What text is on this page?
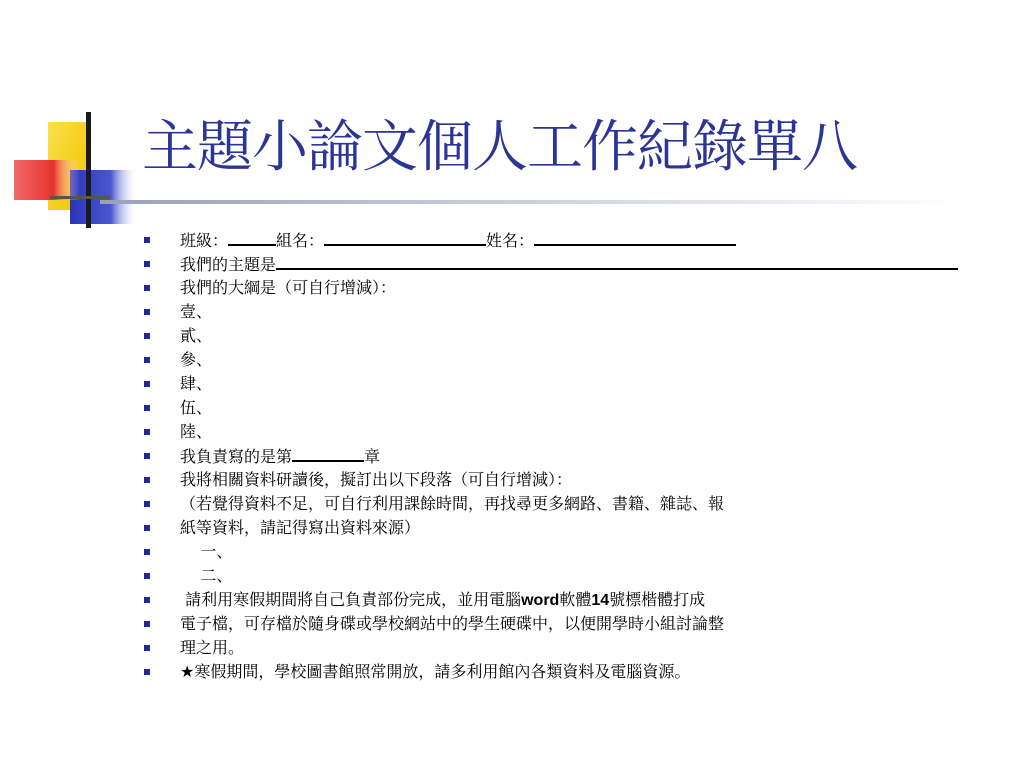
主題小論文個人工作紀錄單八
班級：	組名：	姓名：
我們的主題是
我們的大綱是（可自行增減）：
壹、
貳、
參、
肆、
伍、
陸、
我負責寫的是第	章
我將相關資料研讀後，擬訂出以下段落（可自行增減）：
（若覺得資料不足，可自行利用課餘時間，再找尋更多網路、書籍、雜誌、報
紙等資料，請記得寫出資料來源）
一、
二、
請利用寒假期間將自己負責部份完成，並用電腦word軟體14號標楷體打成
電子檔，可存檔於隨身碟或學校網站中的學生硬碟中，以便開學時小組討論整
理之用。
★寒假期間，學校圖書館照常開放，請多利用館內各類資料及電腦資源。
